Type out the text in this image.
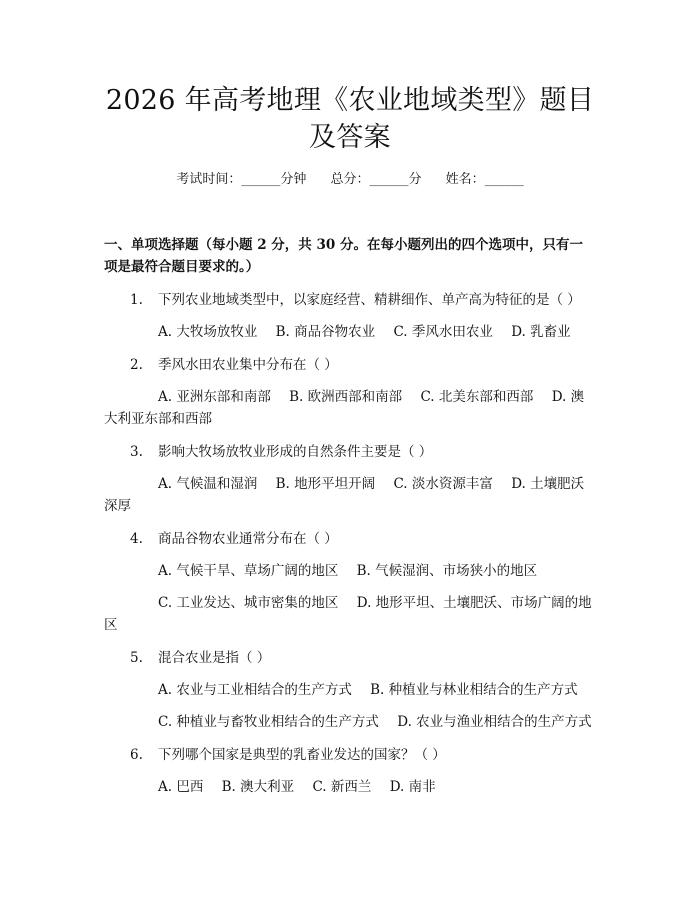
2026 年高考地理《农业地域类型》题目及答案
考试时间：______分钟 总分：______分 姓名：______
一、单项选择题（每小题 2 分，共 30 分。在每小题列出的四个选项中，只有一项是最符合题目要求的。）
1. 下列农业地域类型中，以家庭经营、精耕细作、单产高为特征的是（ ）
A. 大牧场放牧业 B. 商品谷物农业 C. 季风水田农业 D. 乳畜业
2. 季风水田农业集中分布在（ ）
A. 亚洲东部和南部 B. 欧洲西部和南部 C. 北美东部和西部 D. 澳大利亚东部和西部
3. 影响大牧场放牧业形成的自然条件主要是（ ）
A. 气候温和湿润 B. 地形平坦开阔 C. 淡水资源丰富 D. 土壤肥沃深厚
4. 商品谷物农业通常分布在（ ）
A. 气候干旱、草场广阔的地区 B. 气候湿润、市场狭小的地区
C. 工业发达、城市密集的地区 D. 地形平坦、土壤肥沃、市场广阔的地区
5. 混合农业是指（ ）
A. 农业与工业相结合的生产方式 B. 种植业与林业相结合的生产方式
C. 种植业与畜牧业相结合的生产方式 D. 农业与渔业相结合的生产方式
6. 下列哪个国家是典型的乳畜业发达的国家？（ ）
A. 巴西 B. 澳大利亚 C. 新西兰 D. 南非
